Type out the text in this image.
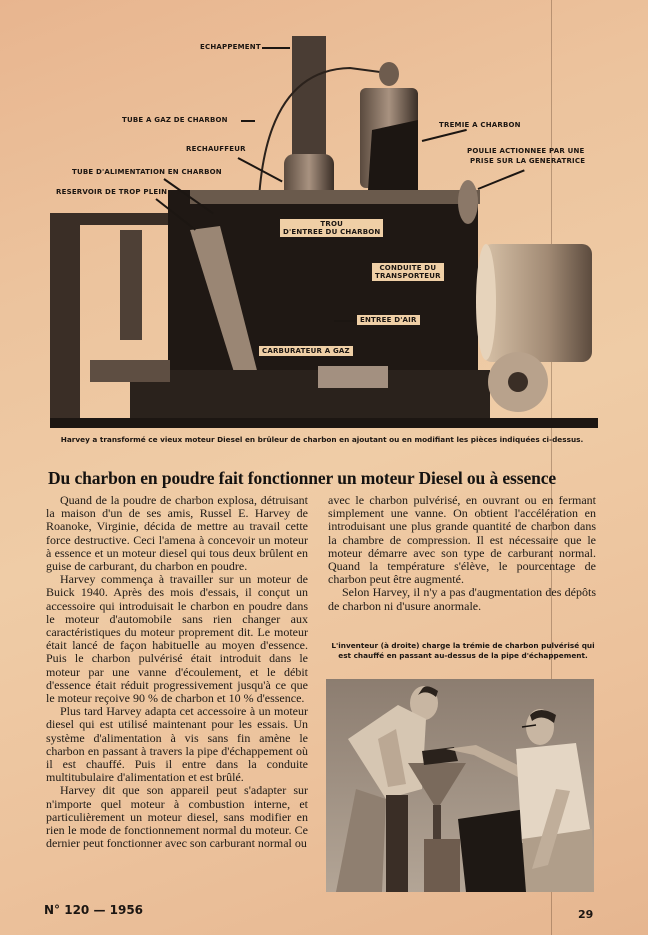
ECHAPPEMENT
TUBE A GAZ DE CHARBON
RECHAUFFEUR
TUBE D'ALIMENTATION EN CHARBON
RESERVOIR DE TROP PLEIN
TREMIE A CHARBON
POULIE ACTIONNEE PAR UNE
PRISE SUR LA GENERATRICE
TROU
D'ENTREE DU CHARBON
CONDUITE DU
TRANSPORTEUR
ENTREE D'AIR
CARBURATEUR A GAZ
Harvey a transformé ce vieux moteur Diesel en brûleur de charbon en ajoutant ou en modifiant les pièces indiquées ci-dessus.
Du charbon en poudre fait fonctionner un moteur Diesel ou à essence

Quand de la poudre de charbon explosa, détruisant la maison d'un de ses amis, Russel E. Harvey de Roanoke, Virginie, décida de mettre au travail cette force destructive. Ceci l'amena à concevoir un moteur à essence et un moteur diesel qui tous deux brûlent en guise de carburant, du charbon en poudre.

Harvey commença à travailler sur un moteur de Buick 1940. Après des mois d'essais, il conçut un accessoire qui introduisait le charbon en poudre dans le moteur d'automobile sans rien changer aux caractéristiques du moteur proprement dit. Le moteur était lancé de façon habituelle au moyen d'essence. Puis le charbon pulvérisé était introduit dans le moteur par une vanne d'écoulement, et le débit d'essence était réduit progressivement jusqu'à ce que le moteur reçoive 90 % de charbon et 10 % d'essence.

Plus tard Harvey adapta cet accessoire à un moteur diesel qui est utilisé maintenant pour les essais. Un système d'alimentation à vis sans fin amène le charbon en passant à travers la pipe d'échappement où il est chauffé. Puis il entre dans la conduite multitubulaire d'alimentation et est brûlé.

Harvey dit que son appareil peut s'adapter sur n'importe quel moteur à combustion interne, et particulièrement un moteur diesel, sans modifier en rien le mode de fonctionnement normal du moteur. Ce dernier peut fonctionner avec son carburant normal ou

avec le charbon pulvérisé, en ouvrant ou en fermant simplement une vanne. On obtient l'accélération en introduisant une plus grande quantité de charbon dans la chambre de compression. Il est nécessaire que le moteur démarre avec son type de carburant normal. Quand la température s'élève, le pourcentage de charbon peut être augmenté.

Selon Harvey, il n'y a pas d'augmentation des dépôts de charbon ni d'usure anormale.

L'inventeur (à droite) charge la trémie de charbon pulvérisé qui est chauffé en passant au-dessus de la pipe d'échappement.
N° 120 — 1956	29
